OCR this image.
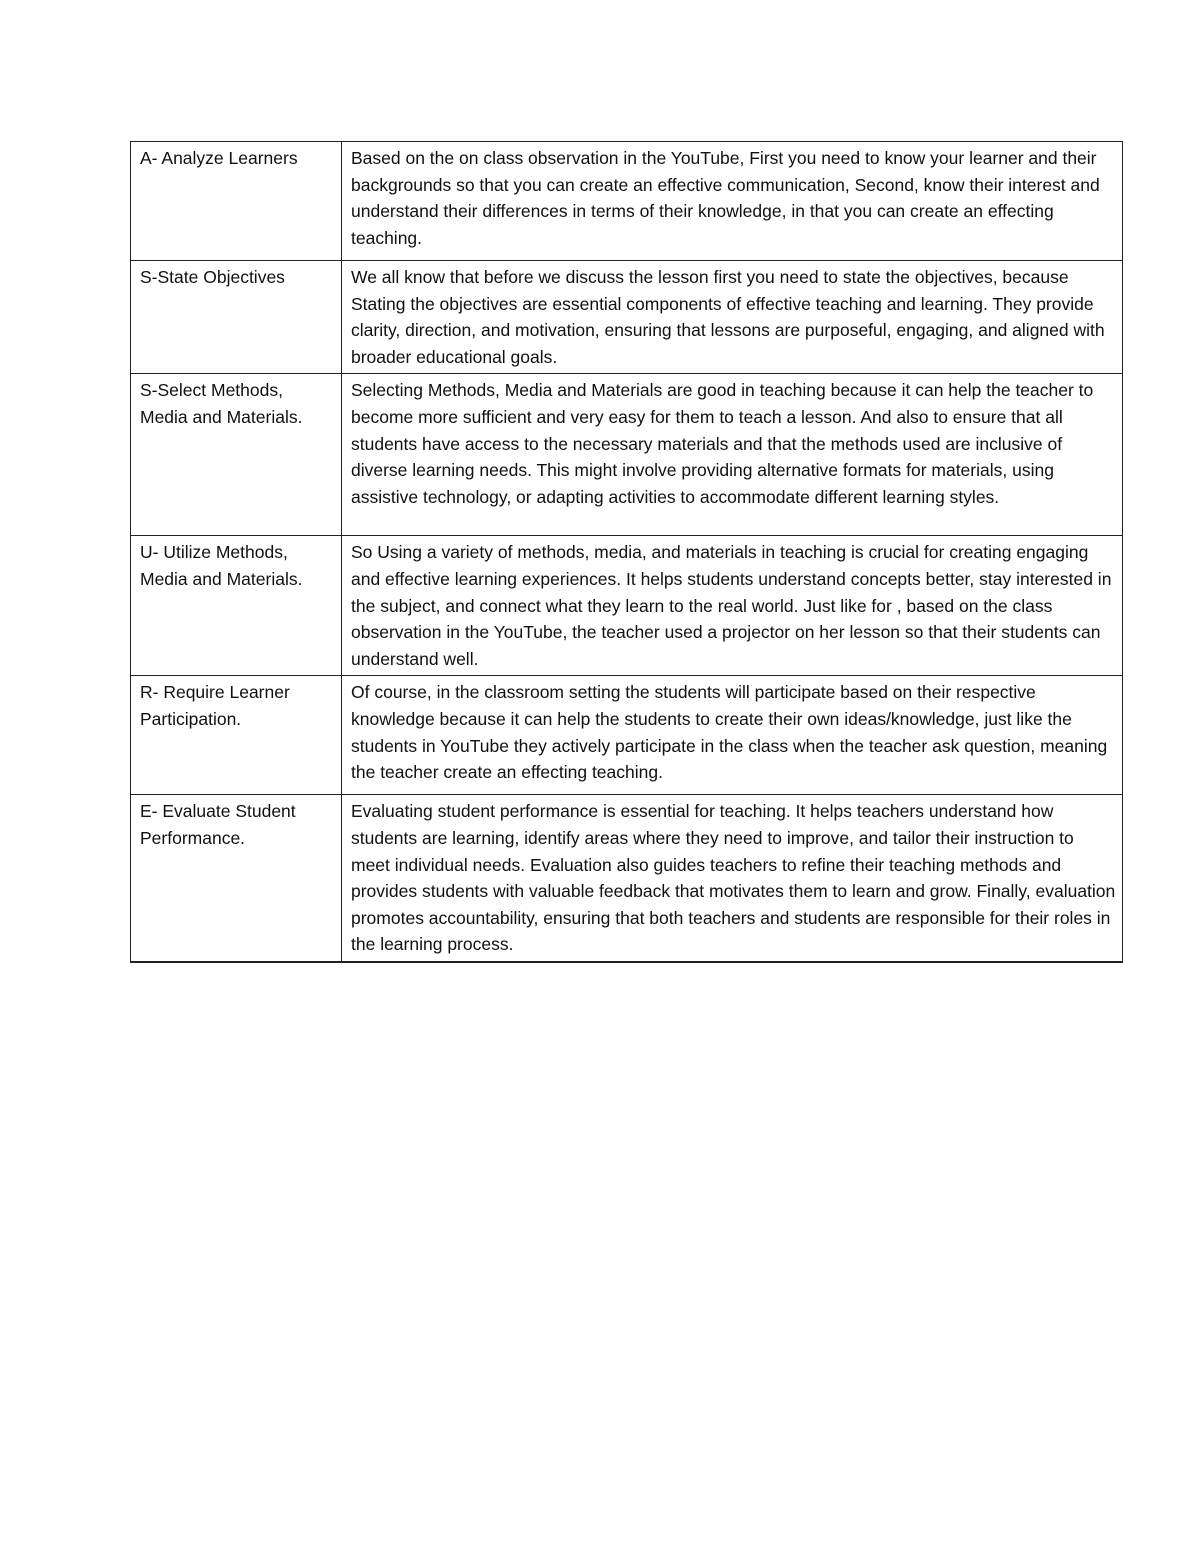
A- Analyze Learners	Based on the on class observation in the YouTube, First you need to know your learner and their backgrounds so that you can create an effective communication, Second, know their interest and understand their differences in terms of their knowledge, in that you can create an effecting teaching.
S-State Objectives	We all know that before we discuss the lesson first you need to state the objectives, because Stating the objectives are essential components of effective teaching and learning. They provide clarity, direction, and motivation, ensuring that lessons are purposeful, engaging, and aligned with broader educational goals.
S-Select Methods, Media and Materials.	Selecting Methods, Media and Materials are good in teaching because it can help the teacher to become more sufficient and very easy for them to teach a lesson. And also to ensure that all students have access to the necessary materials and that the methods used are inclusive of diverse learning needs. This might involve providing alternative formats for materials, using assistive technology, or adapting activities to accommodate different learning styles.
U- Utilize Methods, Media and Materials.	So Using a variety of methods, media, and materials in teaching is crucial for creating engaging and effective learning experiences. It helps students understand concepts better, stay interested in the subject, and connect what they learn to the real world. Just like for , based on the class observation in the YouTube, the teacher used a projector on her lesson so that their students can understand well.
R- Require Learner Participation.	Of course, in the classroom setting the students will participate based on their respective knowledge because it can help the students to create their own ideas/knowledge, just like the students in YouTube they actively participate in the class when the teacher ask question, meaning the teacher create an effecting teaching.
E- Evaluate Student Performance.	Evaluating student performance is essential for teaching. It helps teachers understand how students are learning, identify areas where they need to improve, and tailor their instruction to meet individual needs. Evaluation also guides teachers to refine their teaching methods and provides students with valuable feedback that motivates them to learn and grow. Finally, evaluation promotes accountability, ensuring that both teachers and students are responsible for their roles in the learning process.
